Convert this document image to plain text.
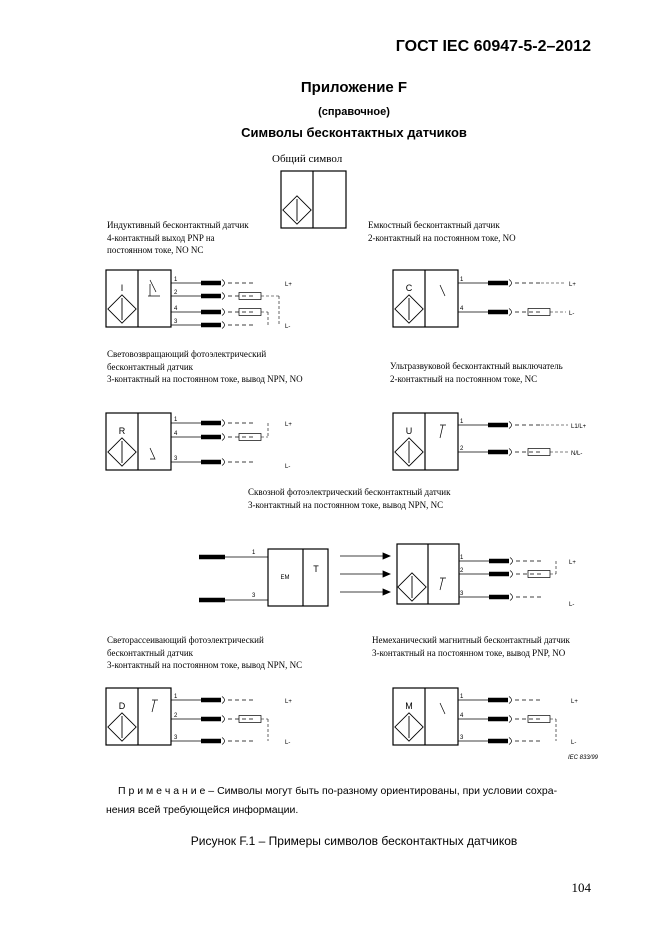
ГОСТ IEC 60947-5-2–2012
Приложение F
(справочное)
Символы бесконтактных датчиков
Общий символ
Индуктивный бесконтактный датчик
4-контактный выход PNP на
постоянном токе, NO NC
Емкостный бесконтактный датчик
2-контактный на постоянном токе, NO
Световозвращающий фотоэлектрический
бесконтактный датчик
3-контактный на постоянном токе, вывод NPN, NO
Ультразвуковой бесконтактный выключатель
2-контактный на постоянном токе, NC
Сквозной фотоэлектрический бесконтактный датчик
3-контактный на постоянном токе, вывод NPN, NC
Светорассеивающий фотоэлектрический
бесконтактный датчик
3-контактный на постоянном токе, вывод NPN, NC
Немеханический магнитный бесконтактный датчик
3-контактный на постоянном токе, вывод PNP, NO
I
1
2
4
3
L+
L-
C
1
4
L+
L-
R
1
4
3
L+
L-
U
1
2
L1/L+
N/L-
1
3
EM
T
1
2
3
L+
L-
D
1
2
3
L+
L-
M
1
4
3
L+
L-
IEC 833/99
П р и м е ч а н и е – Символы могут быть по-разному ориентированы, при условии сохра-
нения всей требующейся информации.
Рисунок F.1 – Примеры символов бесконтактных датчиков
104
